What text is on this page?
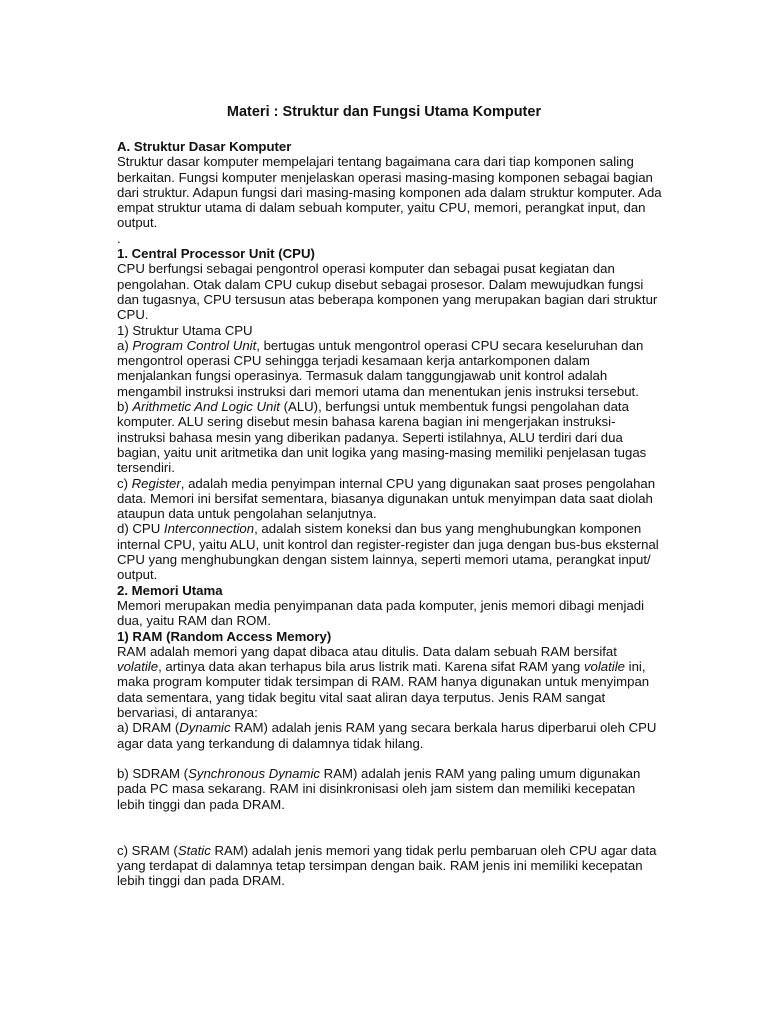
Materi : Struktur dan Fungsi Utama Komputer

A. Struktur Dasar Komputer

Struktur dasar komputer mempelajari tentang bagaimana cara dari tiap komponen saling berkaitan. Fungsi komputer menjelaskan operasi masing-masing komponen sebagai bagian dari struktur. Adapun fungsi dari masing-masing komponen ada dalam struktur komputer. Ada empat struktur utama di dalam sebuah komputer, yaitu CPU, memori, perangkat input, dan output.

.

1. Central Processor Unit (CPU)

CPU berfungsi sebagai pengontrol operasi komputer dan sebagai pusat kegiatan dan pengolahan. Otak dalam CPU cukup disebut sebagai prosesor. Dalam mewujudkan fungsi dan tugasnya, CPU tersusun atas beberapa komponen yang merupakan bagian dari struktur CPU.

1) Struktur Utama CPU

a) Program Control Unit, bertugas untuk mengontrol operasi CPU secara keseluruhan dan mengontrol operasi CPU sehingga terjadi kesamaan kerja antarkomponen dalam menjalankan fungsi operasinya. Termasuk dalam tanggungjawab unit kontrol adalah mengambil instruksi instruksi dari memori utama dan menentukan jenis instruksi tersebut.

b) Arithmetic And Logic Unit (ALU), berfungsi untuk membentuk fungsi pengolahan data komputer. ALU sering disebut mesin bahasa karena bagian ini mengerjakan instruksi-instruksi bahasa mesin yang diberikan padanya. Seperti istilahnya, ALU terdiri dari dua bagian, yaitu unit aritmetika dan unit logika yang masing-masing memiliki penjelasan tugas tersendiri.

c) Register, adalah media penyimpan internal CPU yang digunakan saat proses pengolahan data. Memori ini bersifat sementara, biasanya digunakan untuk menyimpan data saat diolah ataupun data untuk pengolahan selanjutnya.

d) CPU Interconnection, adalah sistem koneksi dan bus yang menghubungkan komponen internal CPU, yaitu ALU, unit kontrol dan register-register dan juga dengan bus-bus eksternal CPU yang menghubungkan dengan sistem lainnya, seperti memori utama, perangkat input/ output.

2. Memori Utama

Memori merupakan media penyimpanan data pada komputer, jenis memori dibagi menjadi dua, yaitu RAM dan ROM.

1) RAM (Random Access Memory)

RAM adalah memori yang dapat dibaca atau ditulis. Data dalam sebuah RAM bersifat volatile, artinya data akan terhapus bila arus listrik mati. Karena sifat RAM yang volatile ini, maka program komputer tidak tersimpan di RAM. RAM hanya digunakan untuk menyimpan data sementara, yang tidak begitu vital saat aliran daya terputus. Jenis RAM sangat bervariasi, di antaranya:

a) DRAM (Dynamic RAM) adalah jenis RAM yang secara berkala harus diperbarui oleh CPU agar data yang terkandung di dalamnya tidak hilang.

b) SDRAM (Synchronous Dynamic RAM) adalah jenis RAM yang paling umum digunakan pada PC masa sekarang. RAM ini disinkronisasi oleh jam sistem dan memiliki kecepatan lebih tinggi dan pada DRAM.

c) SRAM (Static RAM) adalah jenis memori yang tidak perlu pembaruan oleh CPU agar data yang terdapat di dalamnya tetap tersimpan dengan baik. RAM jenis ini memiliki kecepatan lebih tinggi dan pada DRAM.
